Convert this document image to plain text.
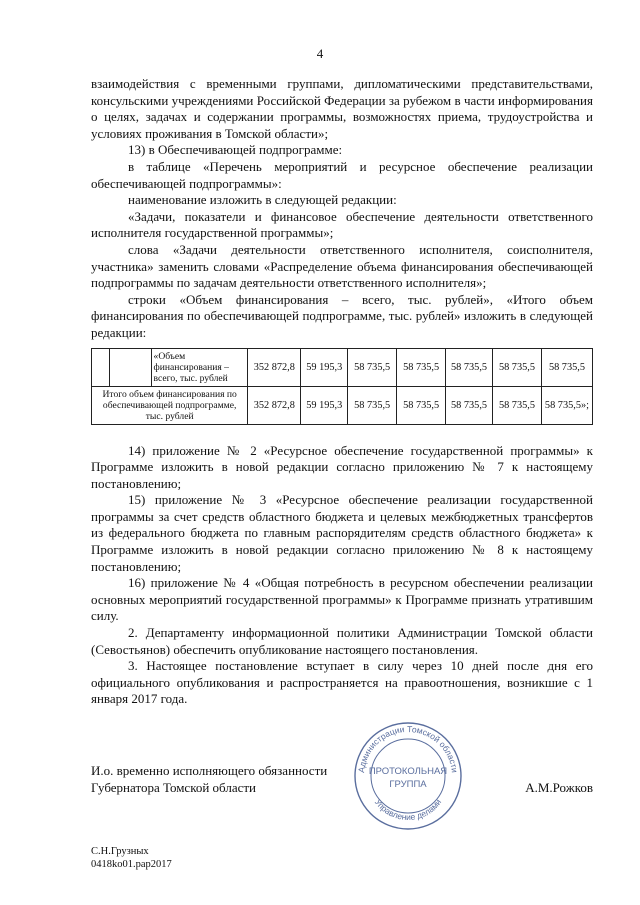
4

взаимодействия с временными группами, дипломатическими представительствами, консульскими учреждениями Российской Федерации за рубежом в части информирования о целях, задачах и содержании программы, возможностях приема, трудоустройства и условиях проживания в Томской области»;

13) в Обеспечивающей подпрограмме:

в таблице «Перечень мероприятий и ресурсное обеспечение реализации обеспечивающей подпрограммы»:

наименование изложить в следующей редакции:

«Задачи, показатели и финансовое обеспечение деятельности ответственного исполнителя государственной программы»;

слова «Задачи деятельности ответственного исполнителя, соисполнителя, участника» заменить словами «Распределение объема финансирования обеспечивающей подпрограммы по задачам деятельности ответственного исполнителя»;

строки «Объем финансирования – всего, тыс. рублей», «Итого объем финансирования по обеспечивающей подпрограмме, тыс. рублей» изложить в следующей редакции:

		«Объем финансирования – всего, тыс. рублей	352 872,8	59 195,3	58 735,5	58 735,5	58 735,5	58 735,5	58 735,5
Итого объем финансирования по обеспечивающей подпрограмме, тыс. рублей			352 872,8	59 195,3	58 735,5	58 735,5	58 735,5	58 735,5	58 735,5»;

14) приложение № 2 «Ресурсное обеспечение государственной программы» к Программе изложить в новой редакции согласно приложению № 7 к настоящему постановлению;

15) приложение № 3 «Ресурсное обеспечение реализации государственной программы за счет средств областного бюджета и целевых межбюджетных трансфертов из федерального бюджета по главным распорядителям средств областного бюджета» к Программе изложить в новой редакции согласно приложению № 8 к настоящему постановлению;

16) приложение № 4 «Общая потребность в ресурсном обеспечении реализации основных мероприятий государственной программы» к Программе признать утратившим силу.

2. Департаменту информационной политики Администрации Томской области (Севостьянов) обеспечить опубликование настоящего постановления.

3. Настоящее постановление вступает в силу через 10 дней после дня его официального опубликования и распространяется на правоотношения, возникшие с 1 января 2017 года.

Администрации Томской области
Управление делами
ПРОТОКОЛЬНАЯ
ГРУППА
И.о. временно исполняющего обязанности
Губернатора Томской области	А.М.Рожков
С.Н.Грузных
0418ko01.pap2017
